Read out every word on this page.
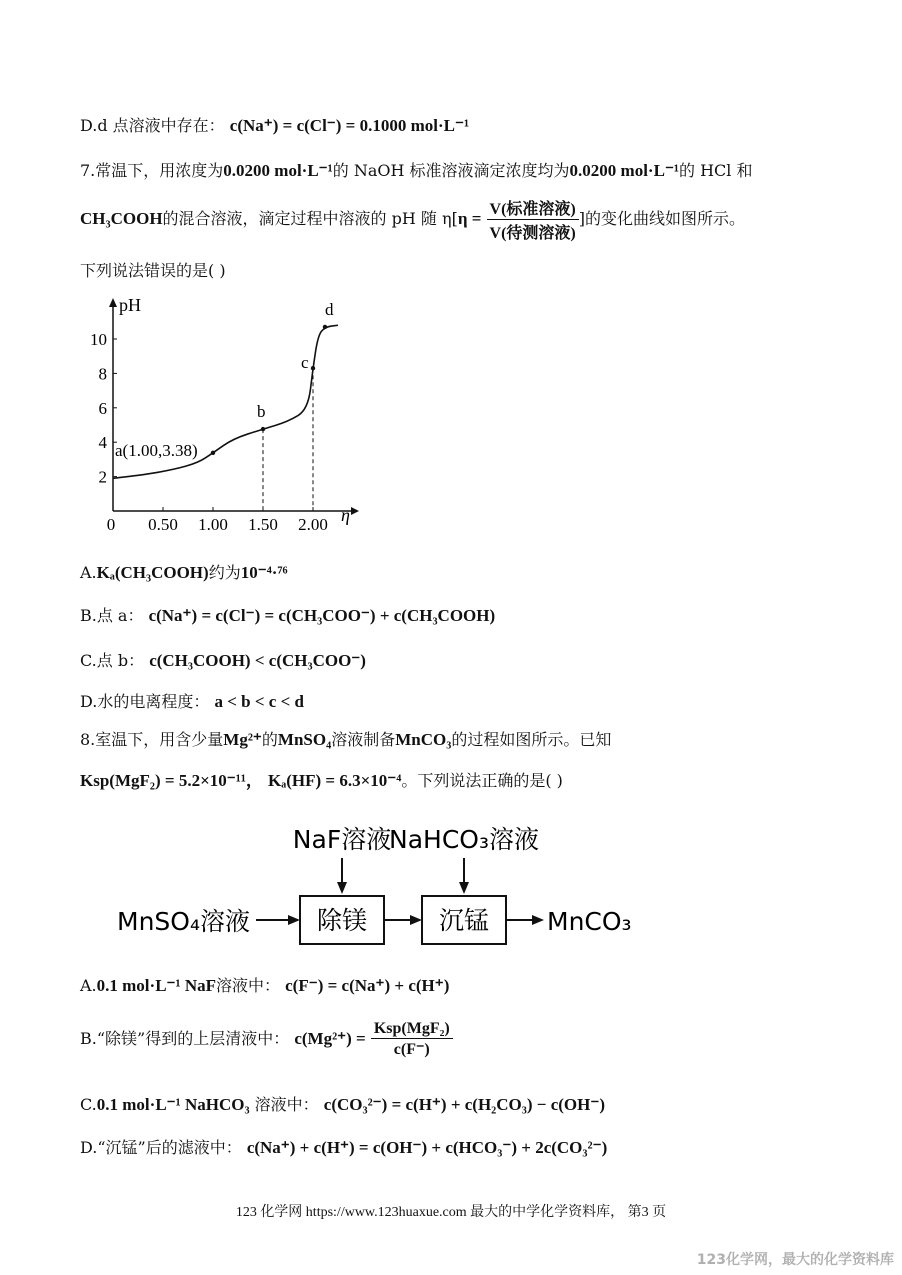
D.d 点溶液中存在： c(Na⁺) = c(Cl⁻) = 0.1000 mol·L⁻¹
7.常温下，用浓度为0.0200 mol·L⁻¹的 NaOH 标准溶液滴定浓度均为0.0200 mol·L⁻¹的 HCl 和
CH₃COOH的混合溶液，滴定过程中溶液的 pH 随 $\eta[\eta = \frac{\text{V(标准溶液)}}{\text{V(待测溶液)}}$ ]的变化曲线如图所示。
下列说法错误的是( )
pH
η
0 0.50 1.00 1.50 2.00
2
4
6
8
10
a(1.00,3.38)
b
c
d
A.Kₐ(CH₃COOH)约为10⁻⁴·⁷⁶
B.点 a： c(Na⁺) = c(Cl⁻) = c(CH₃COO⁻) + c(CH₃COOH)
C.点 b： c(CH₃COOH) < c(CH₃COO⁻)
D.水的电离程度： a < b < c < d
8.室温下，用含少量Mg²⁺的MnSO₄溶液制备MnCO₃的过程如图所示。已知
Ksp(MgF₂) = 5.2×10⁻¹¹， Kₐ(HF) = 6.3×10⁻⁴。下列说法正确的是( )
NaF溶液
NaHCO₃溶液
MnSO₄溶液	除镁	沉锰 MnCO₃
A.0.1 mol·L⁻¹ NaF溶液中： c(F⁻) = c(Na⁺) + c(H⁺)
B.“除镁”得到的上层清液中： $c(Mg^{2+}) = \frac{\text{Ksp(MgF₂)}}{c(F^-)}$
C.0.1 mol·L⁻¹ NaHCO₃ 溶液中： c(CO₃²⁻) = c(H⁺) + c(H₂CO₃) − c(OH⁻)
D.“沉锰”后的滤液中： c(Na⁺) + c(H⁺) = c(OH⁻) + c(HCO₃⁻) + 2c(CO₃²⁻)
123 化学网 https://www.123huaxue.com 最大的中学化学资料库， 第3 页
123化学网，最大的化学资料库
